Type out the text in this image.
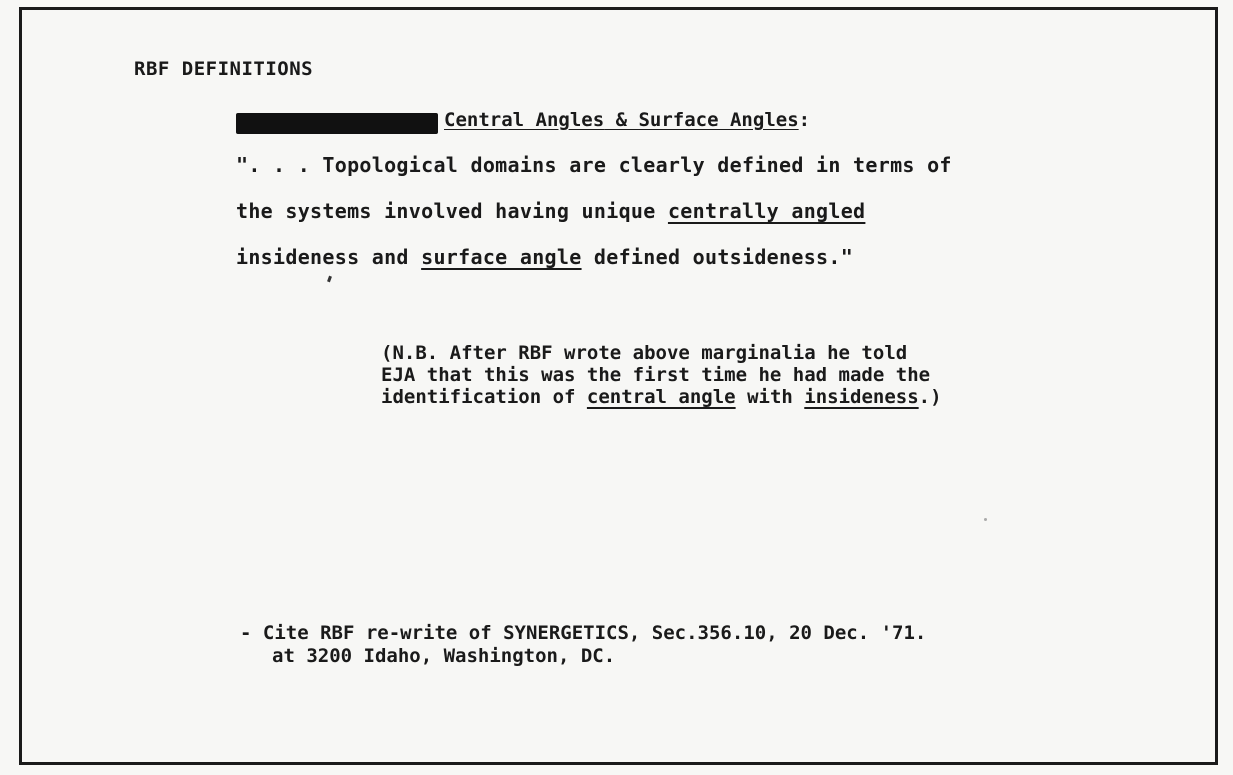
RBF DEFINITIONS
Central Angles & Surface Angles:
". . . Topological domains are clearly defined in terms of
the systems involved having unique centrally angled
insideness and surface angle defined outsideness."
(N.B. After RBF wrote above marginalia he told
EJA that this was the first time he had made the
identification of central angle with insideness.)
- Cite RBF re-write of SYNERGETICS, Sec.356.10, 20 Dec. '71.
at 3200 Idaho, Washington, DC.
